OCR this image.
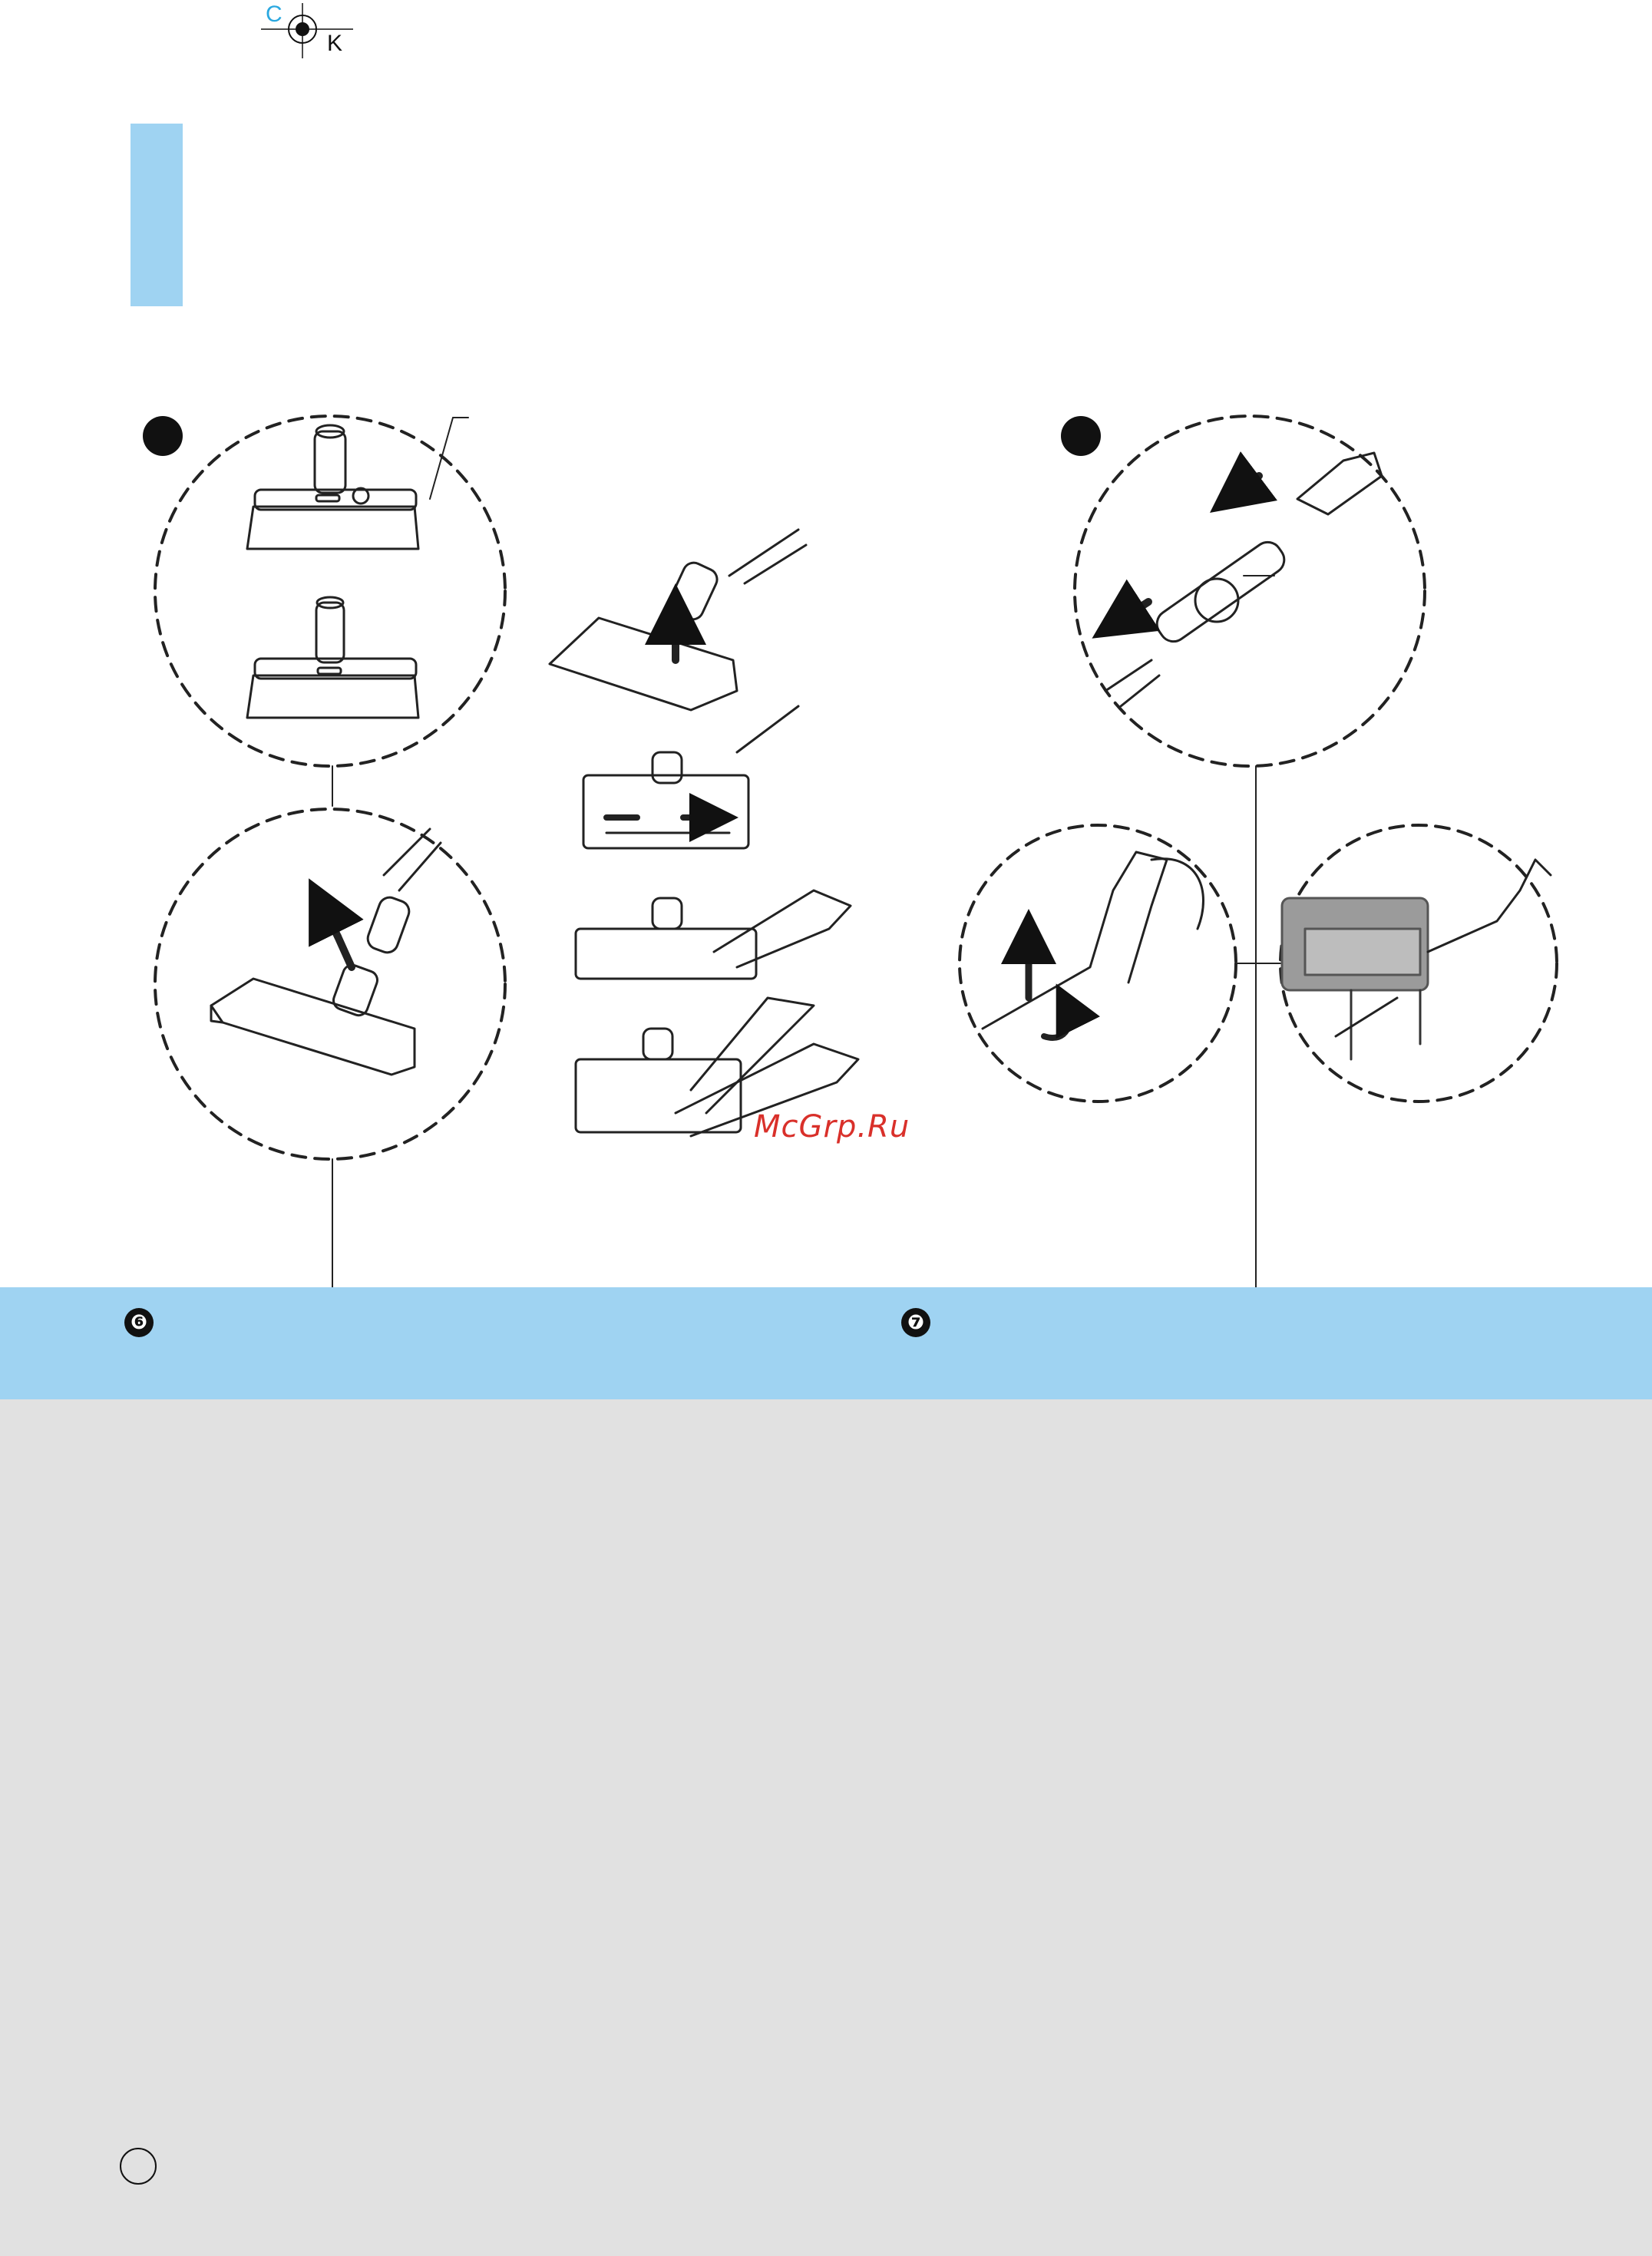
C
K
❻	❼
McGrp.Ru
